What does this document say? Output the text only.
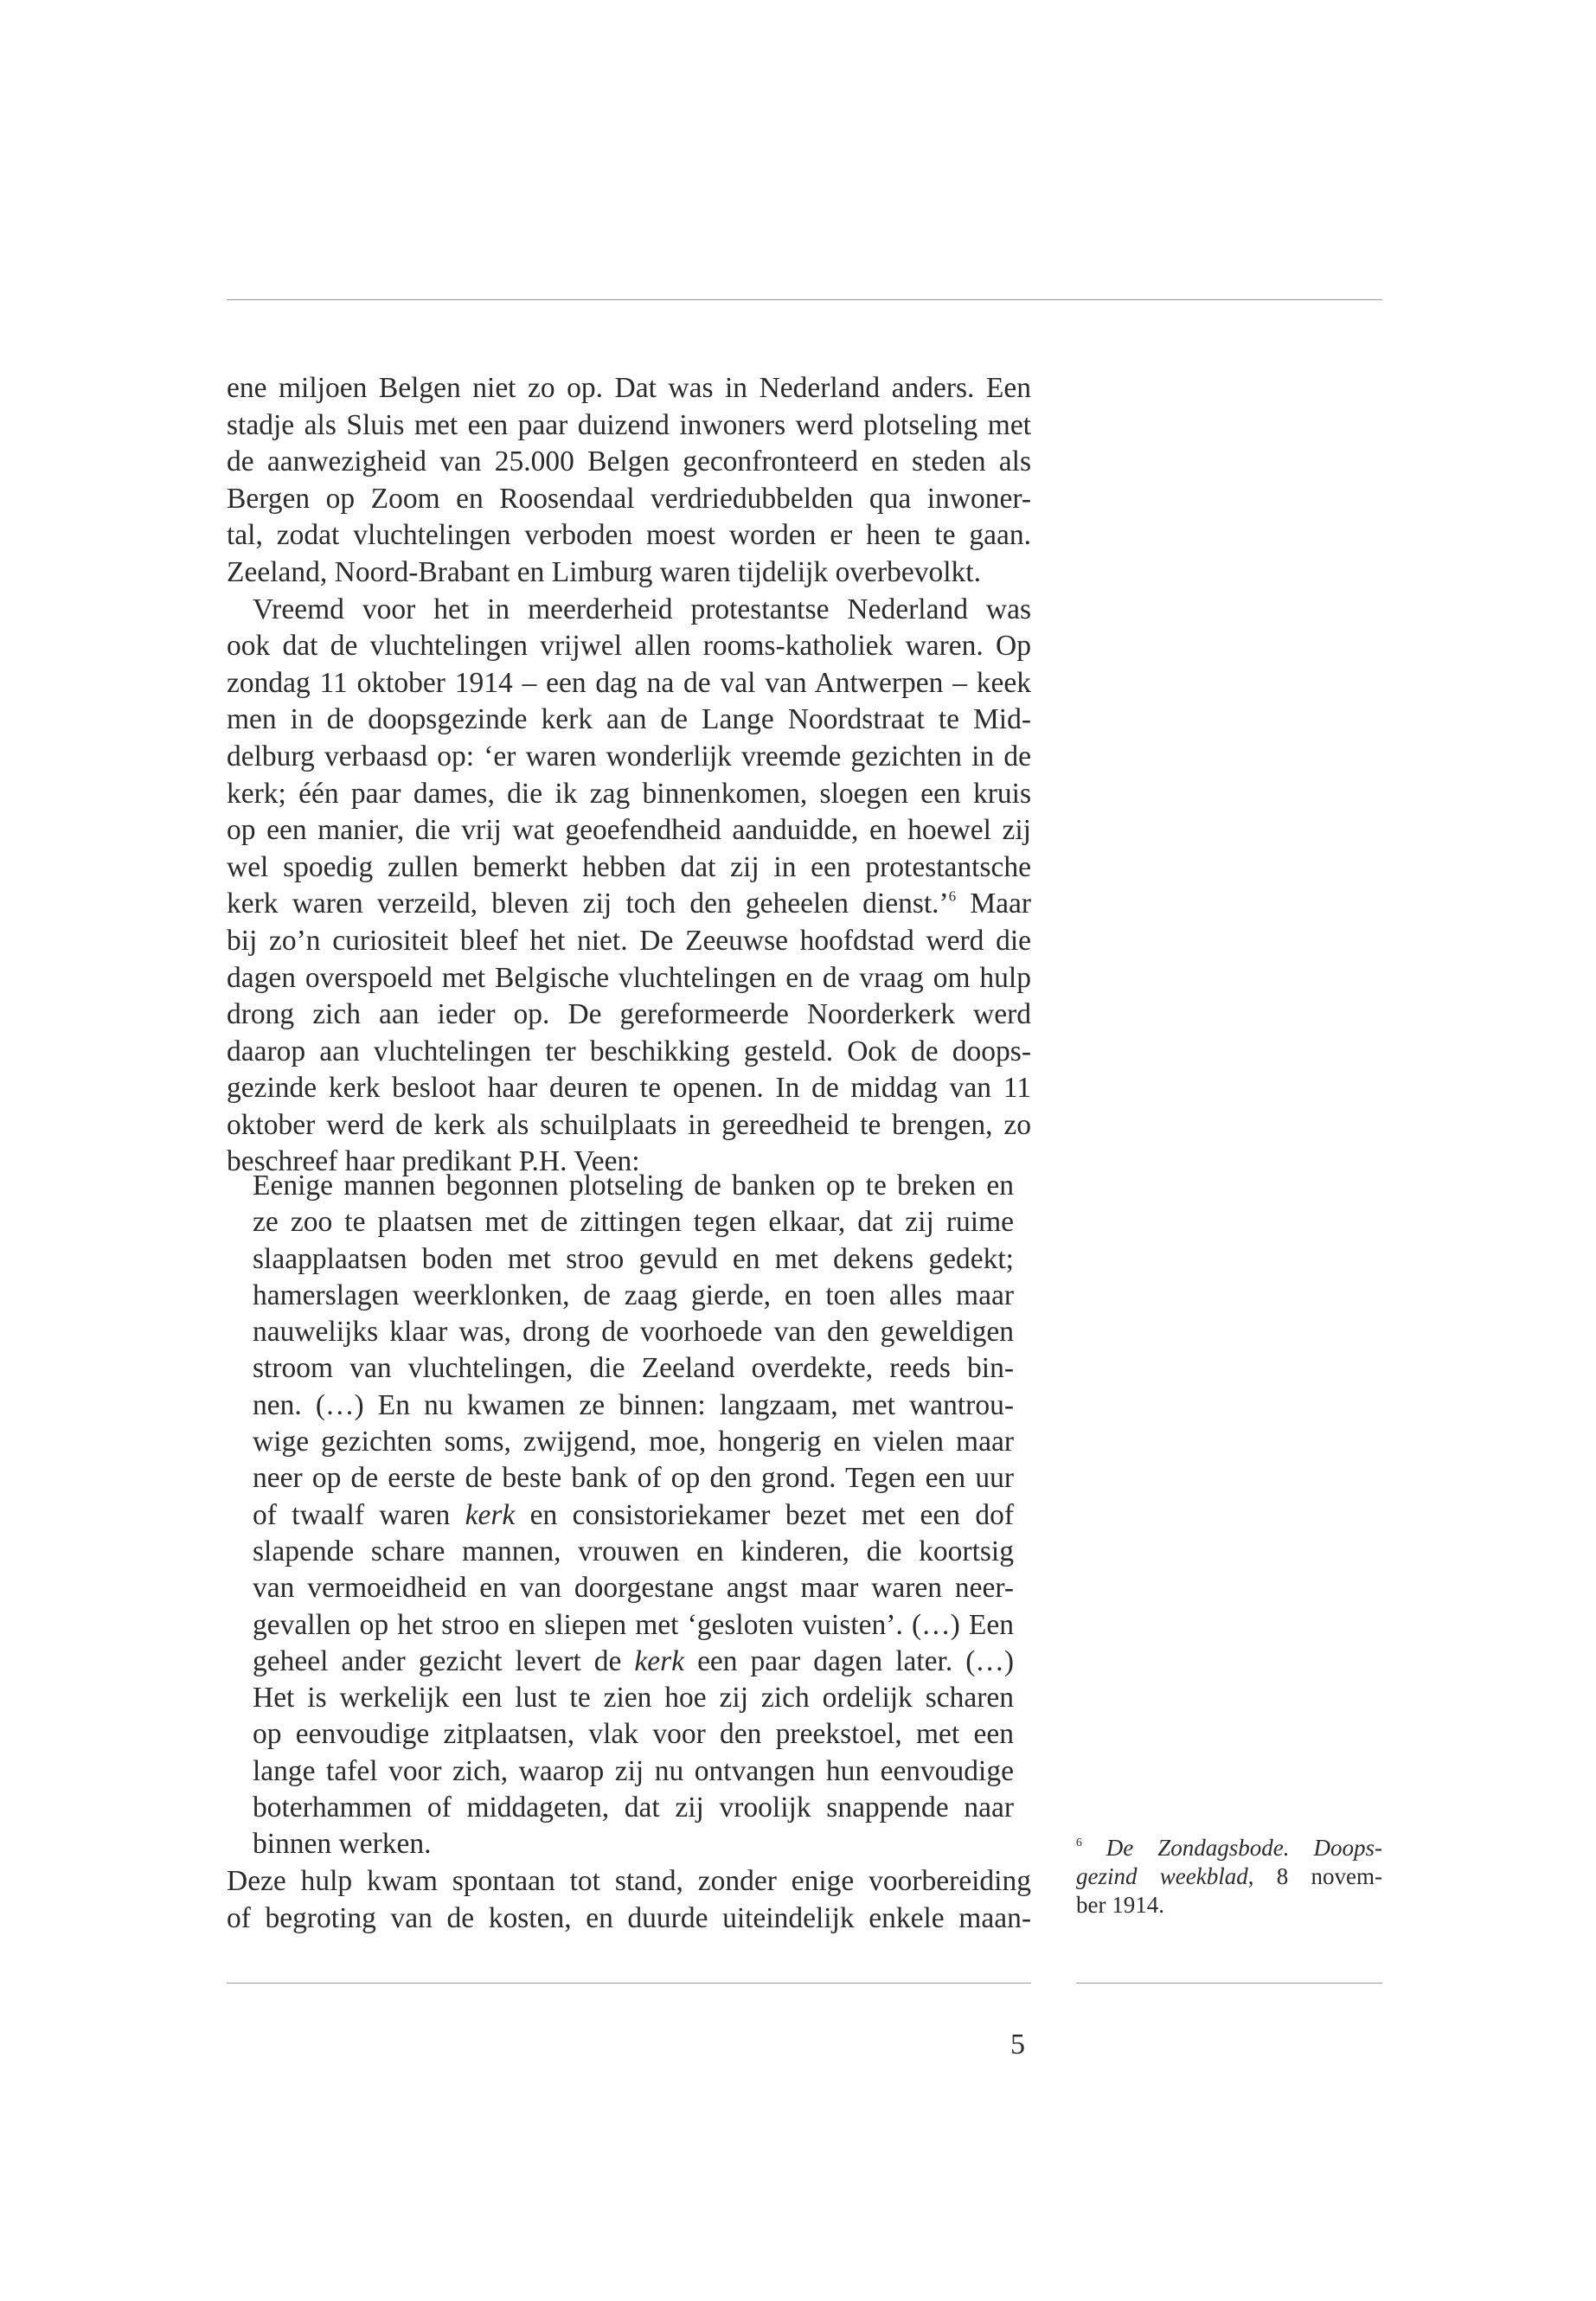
ene miljoen Belgen niet zo op. Dat was in Nederland anders. Een
stadje als Sluis met een paar duizend inwoners werd plotseling met
de aanwezigheid van 25.000 Belgen geconfronteerd en steden als
Bergen op Zoom en Roosendaal verdriedubbelden qua inwoner-
tal, zodat vluchtelingen verboden moest worden er heen te gaan.
Zeeland, Noord-Brabant en Limburg waren tijdelijk overbevolkt.
Vreemd voor het in meerderheid protestantse Nederland was
ook dat de vluchtelingen vrijwel allen rooms-katholiek waren. Op
zondag 11 oktober 1914 – een dag na de val van Antwerpen – keek
men in de doopsgezinde kerk aan de Lange Noordstraat te Mid-
delburg verbaasd op: ‘er waren wonderlijk vreemde gezichten in de
kerk; één paar dames, die ik zag binnenkomen, sloegen een kruis
op een manier, die vrij wat geoefendheid aanduidde, en hoewel zij
wel spoedig zullen bemerkt hebben dat zij in een protestantsche
kerk waren verzeild, bleven zij toch den geheelen dienst.’$^6$ Maar
bij zo’n curiositeit bleef het niet. De Zeeuwse hoofdstad werd die
dagen overspoeld met Belgische vluchtelingen en de vraag om hulp
drong zich aan ieder op. De gereformeerde Noorderkerk werd
daarop aan vluchtelingen ter beschikking gesteld. Ook de doops-
gezinde kerk besloot haar deuren te openen. In de middag van 11
oktober werd de kerk als schuilplaats in gereedheid te brengen, zo
beschreef haar predikant P.H. Veen:
Eenige mannen begonnen plotseling de banken op te breken en
ze zoo te plaatsen met de zittingen tegen elkaar, dat zij ruime
slaapplaatsen boden met stroo gevuld en met dekens gedekt;
hamerslagen weerklonken, de zaag gierde, en toen alles maar
nauwelijks klaar was, drong de voorhoede van den geweldigen
stroom van vluchtelingen, die Zeeland overdekte, reeds bin-
nen. (…) En nu kwamen ze binnen: langzaam, met wantrou-
wige gezichten soms, zwijgend, moe, hongerig en vielen maar
neer op de eerste de beste bank of op den grond. Tegen een uur
of twaalf waren kerk en consistoriekamer bezet met een dof
slapende schare mannen, vrouwen en kinderen, die koortsig
van vermoeidheid en van doorgestane angst maar waren neer-
gevallen op het stroo en sliepen met ‘gesloten vuisten’. (…) Een
geheel ander gezicht levert de kerk een paar dagen later. (…)
Het is werkelijk een lust te zien hoe zij zich ordelijk scharen
op eenvoudige zitplaatsen, vlak voor den preekstoel, met een
lange tafel voor zich, waarop zij nu ontvangen hun eenvoudige
boterhammen of middageten, dat zij vroolijk snappende naar
binnen werken.
Deze hulp kwam spontaan tot stand, zonder enige voorbereiding
of begroting van de kosten, en duurde uiteindelijk enkele maan-
$^6$ De Zondagsbode. Doops-
gezind weekblad, 8 novem-
ber 1914.
5
